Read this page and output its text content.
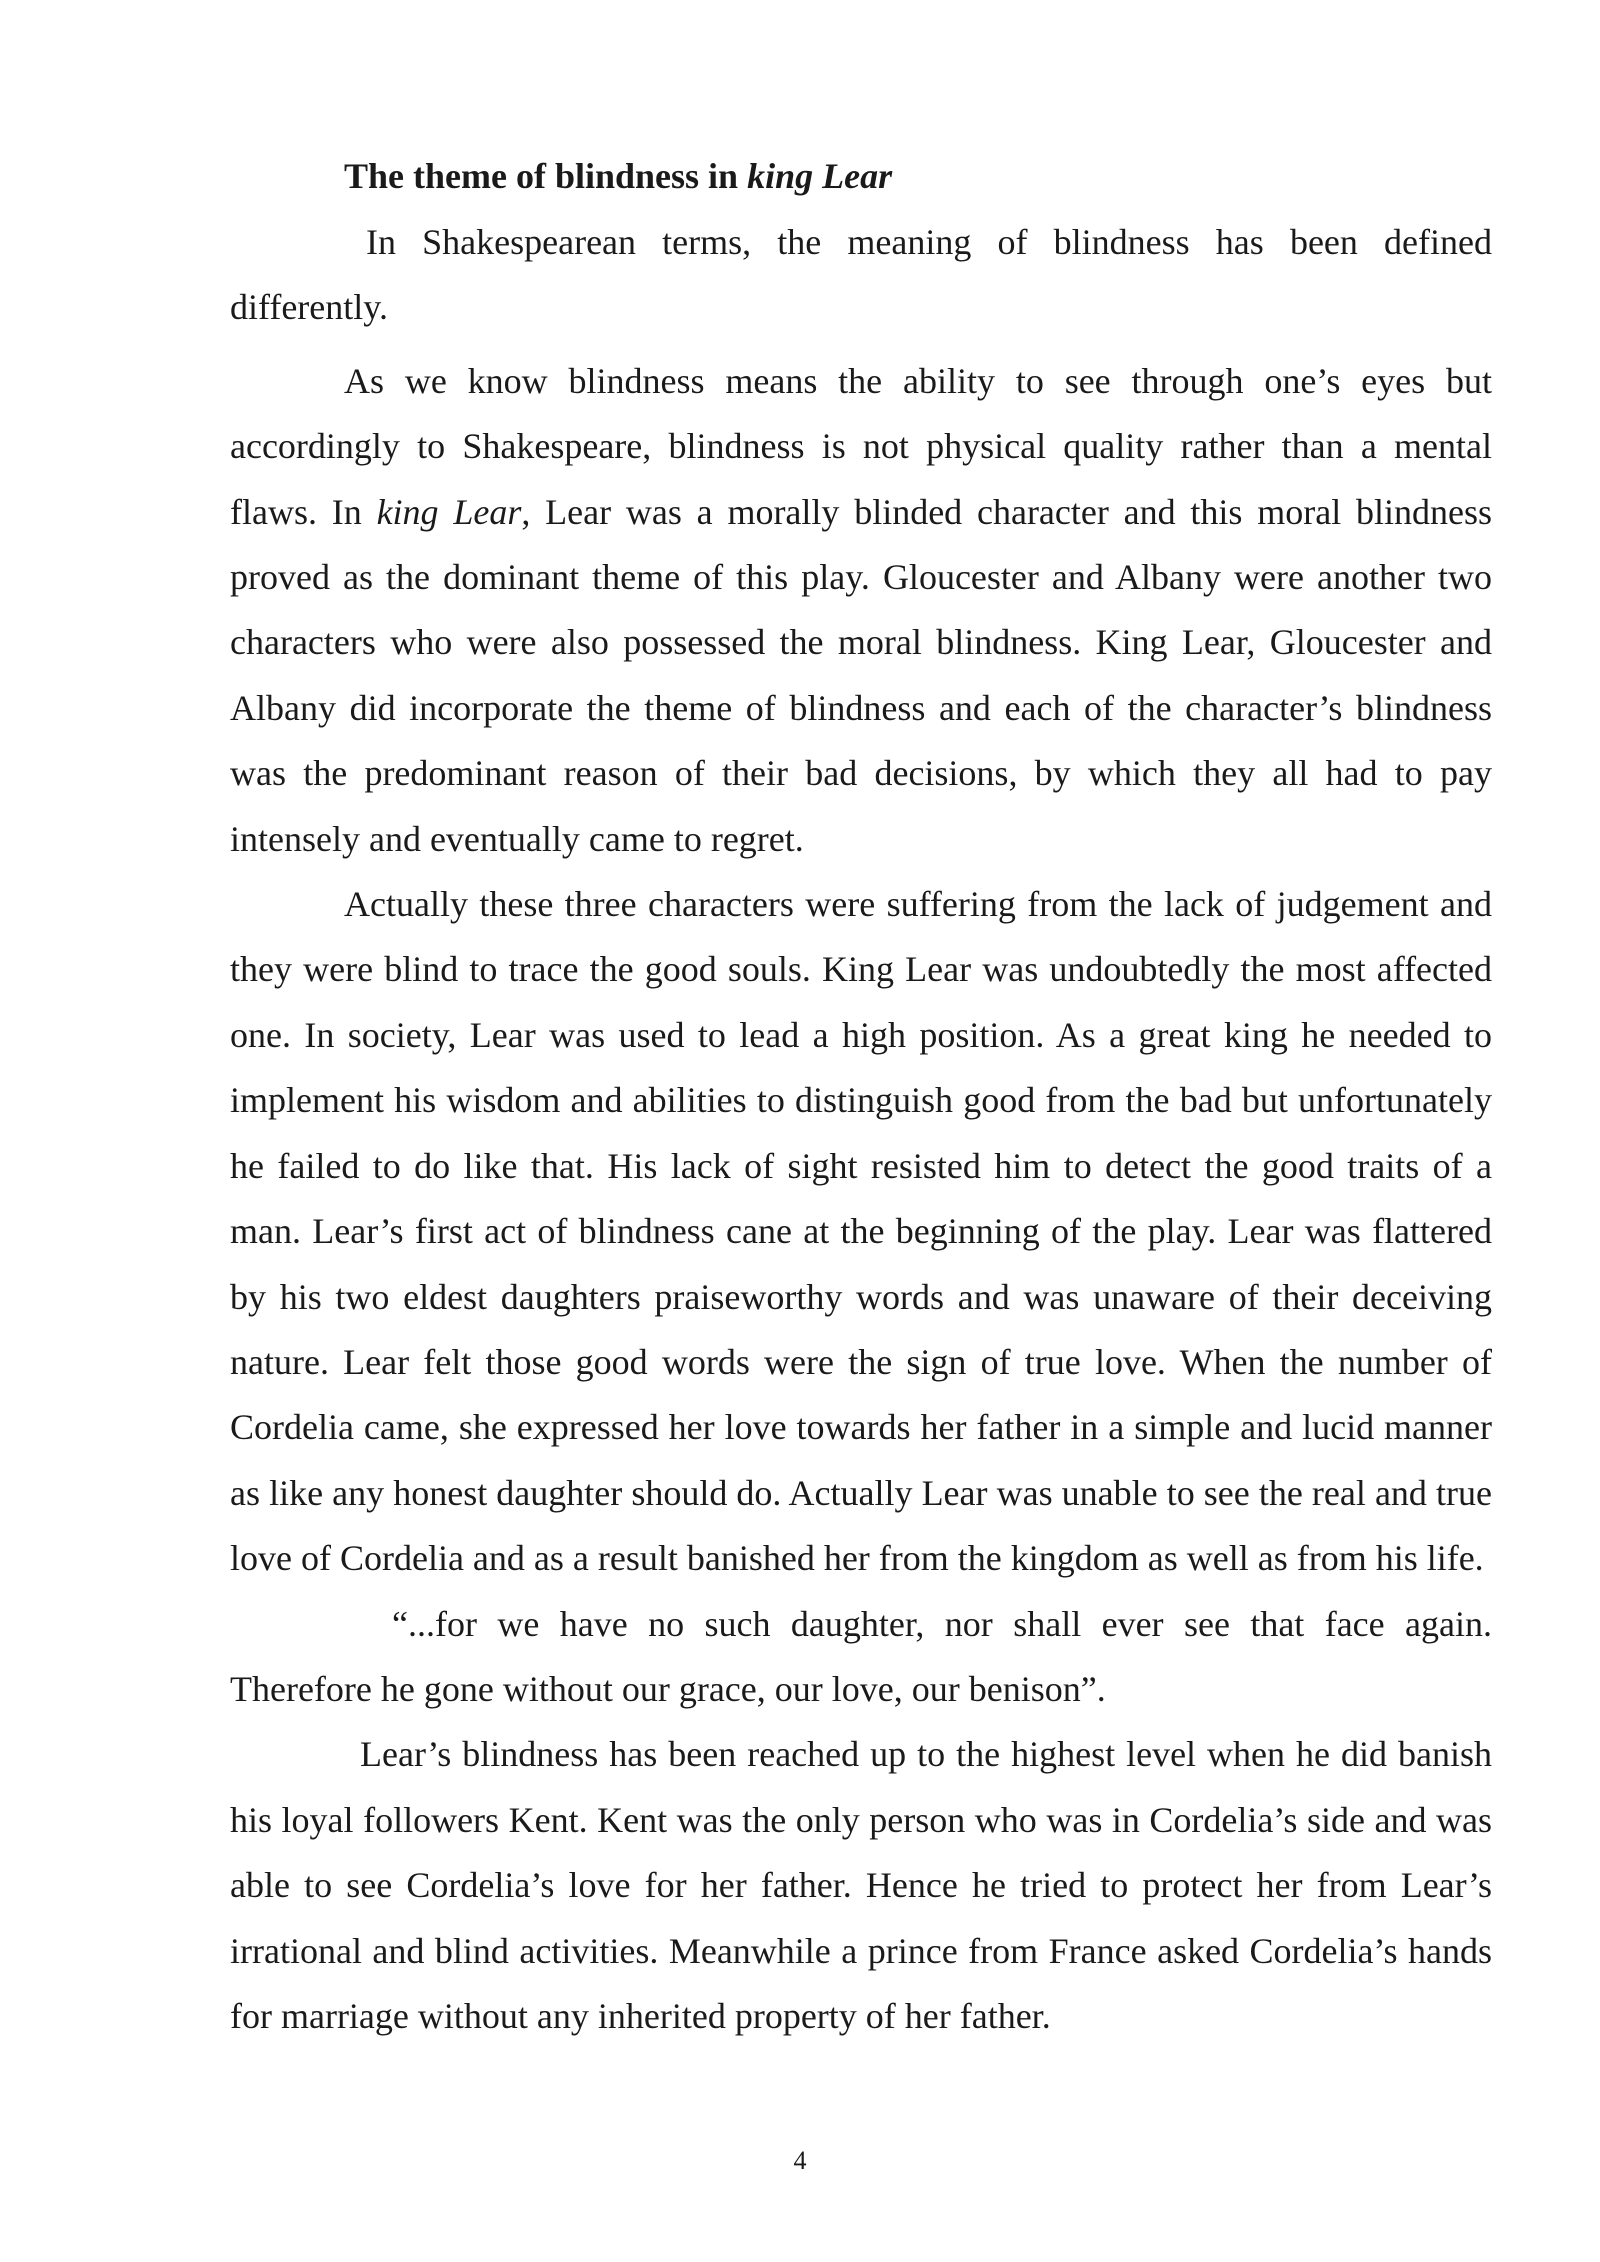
The theme of blindness in king Lear

In Shakespearean terms, the meaning of blindness has been defined differently.

As we know blindness means the ability to see through one’s eyes but accordingly to Shakespeare, blindness is not physical quality rather than a mental flaws. In king Lear, Lear was a morally blinded character and this moral blindness proved as the dominant theme of this play. Gloucester and Albany were another two characters who were also possessed the moral blindness. King Lear, Gloucester and Albany did incorporate the theme of blindness and each of the character’s blindness was the predominant reason of their bad decisions, by which they all had to pay intensely and eventually came to regret.

Actually these three characters were suffering from the lack of judgement and they were blind to trace the good souls. King Lear was undoubtedly the most affected one. In society, Lear was used to lead a high position. As a great king he needed to implement his wisdom and abilities to distinguish good from the bad but unfortunately he failed to do like that. His lack of sight resisted him to detect the good traits of a man. Lear’s first act of blindness cane at the beginning of the play. Lear was flattered by his two eldest daughters praiseworthy words and was unaware of their deceiving nature. Lear felt those good words were the sign of true love. When the number of Cordelia came, she expressed her love towards her father in a simple and lucid manner as like any honest daughter should do. Actually Lear was unable to see the real and true love of Cordelia and as a result banished her from the kingdom as well as from his life.

“...for we have no such daughter, nor shall ever see that face again. Therefore he gone without our grace, our love, our benison”.

Lear’s blindness has been reached up to the highest level when he did banish his loyal followers Kent. Kent was the only person who was in Cordelia’s side and was able to see Cordelia’s love for her father. Hence he tried to protect her from Lear’s irrational and blind activities. Meanwhile a prince from France asked Cordelia’s hands for marriage without any inherited property of her father.

4
